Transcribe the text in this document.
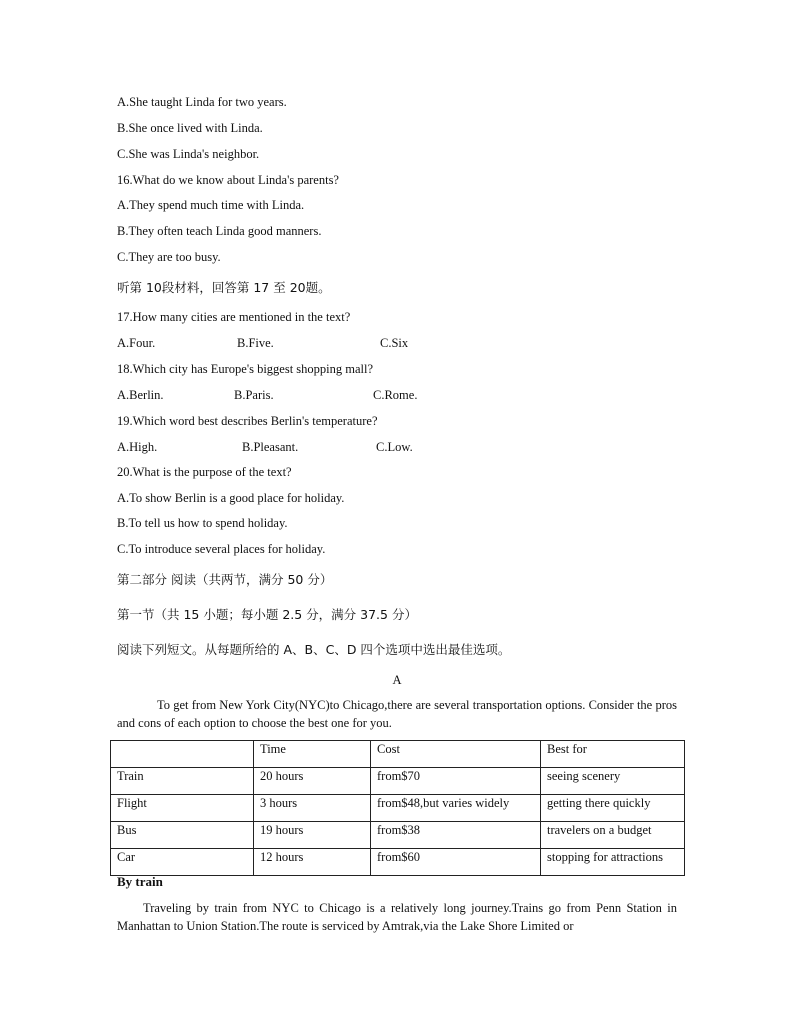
A.She taught Linda for two years.
B.She once lived with Linda.
C.She was Linda's neighbor.
16.What do we know about Linda's parents?
A.They spend much time with Linda.
B.They often teach Linda good manners.
C.They are too busy.
听第 10段材料，回答第 17 至 20题。
17.How many cities are mentioned in the text?
A.Four.	B.Five.	C.Six
18.Which city has Europe's biggest shopping mall?
A.Berlin.	B.Paris.	C.Rome.
19.Which word best describes Berlin's temperature?
A.High.	B.Pleasant.	C.Low.
20.What is the purpose of the text?
A.To show Berlin is a good place for holiday.
B.To tell us how to spend holiday.
C.To introduce several places for holiday.
第二部分 阅读（共两节，满分 50 分）
第一节（共 15 小题；每小题 2.5 分，满分 37.5 分）
阅读下列短文。从每题所给的 A、B、C、D 四个选项中选出最佳选项。
A
To get from New York City(NYC)to Chicago,there are several transportation options. Consider the pros and cons of each option to choose the best one for you.
	Time	Cost	Best for
Train	20 hours	from$70	seeing scenery
Flight	3 hours	from$48,but varies widely	getting there quickly
Bus	19 hours	from$38	travelers on a budget
Car	12 hours	from$60	stopping for attractions
By train
Traveling by train from NYC to Chicago is a relatively long journey.Trains go from Penn Station in Manhattan to Union Station.The route is serviced by Amtrak,via the Lake Shore Limited or
